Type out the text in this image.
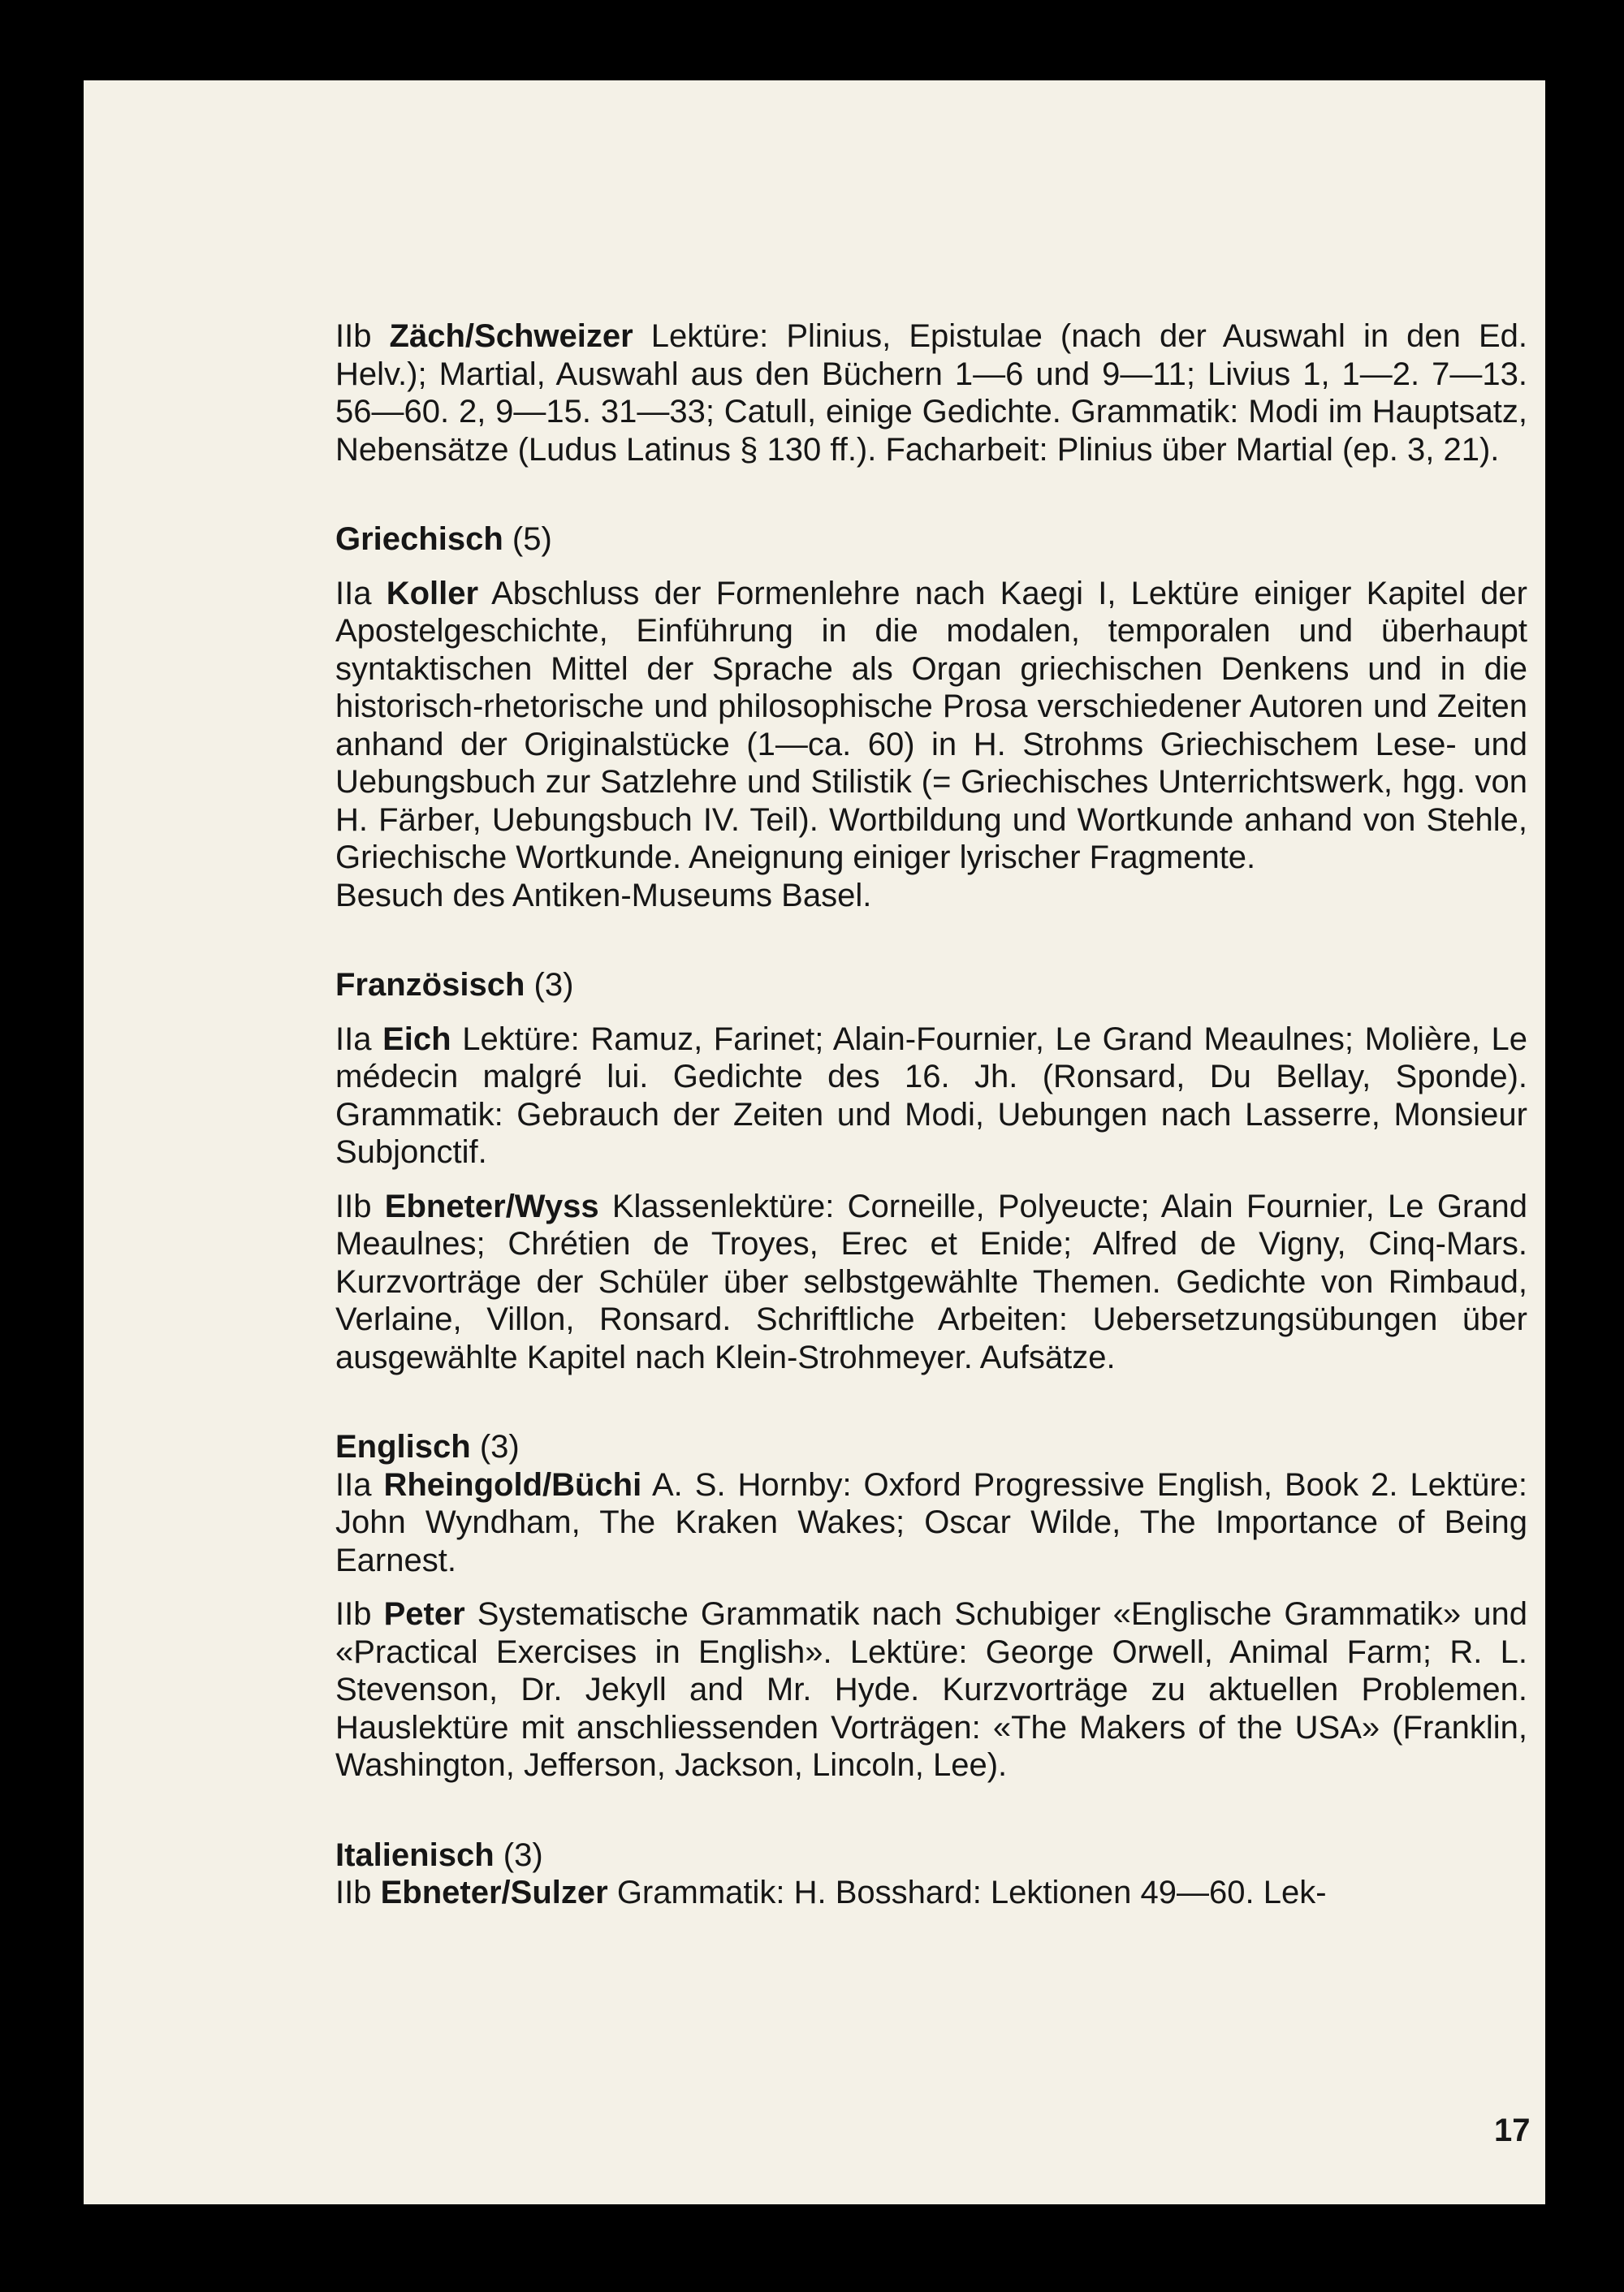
IIb Zäch/Schweizer Lektüre: Plinius, Epistulae (nach der Auswahl in den Ed. Helv.); Martial, Auswahl aus den Büchern 1—6 und 9—11; Livius 1, 1—2. 7—13. 56—60. 2, 9—15. 31—33; Catull, einige Gedichte. Grammatik: Modi im Hauptsatz, Nebensätze (Ludus Latinus § 130 ff.). Facharbeit: Plinius über Martial (ep. 3, 21).
Griechisch (5)
IIa Koller Abschluss der Formenlehre nach Kaegi I, Lektüre einiger Kapitel der Apostelgeschichte, Einführung in die modalen, temporalen und überhaupt syntaktischen Mittel der Sprache als Organ griechischen Denkens und in die historisch-rhetorische und philosophische Prosa verschiedener Autoren und Zeiten anhand der Originalstücke (1—ca. 60) in H. Strohms Griechischem Lese- und Uebungsbuch zur Satzlehre und Stilistik (= Griechisches Unterrichtswerk, hgg. von H. Färber, Uebungsbuch IV. Teil). Wortbildung und Wortkunde anhand von Stehle, Griechische Wortkunde. Aneignung einiger lyrischer Fragmente.
Besuch des Antiken-Museums Basel.
Französisch (3)
IIa Eich Lektüre: Ramuz, Farinet; Alain-Fournier, Le Grand Meaulnes; Molière, Le médecin malgré lui. Gedichte des 16. Jh. (Ronsard, Du Bellay, Sponde). Grammatik: Gebrauch der Zeiten und Modi, Uebungen nach Lasserre, Monsieur Subjonctif.
IIb Ebneter/Wyss Klassenlektüre: Corneille, Polyeucte; Alain Fournier, Le Grand Meaulnes; Chrétien de Troyes, Erec et Enide; Alfred de Vigny, Cinq-Mars. Kurzvorträge der Schüler über selbstgewählte Themen. Gedichte von Rimbaud, Verlaine, Villon, Ronsard. Schriftliche Arbeiten: Uebersetzungsübungen über ausgewählte Kapitel nach Klein-Strohmeyer. Aufsätze.
Englisch (3)
IIa Rheingold/Büchi A. S. Hornby: Oxford Progressive English, Book 2. Lektüre: John Wyndham, The Kraken Wakes; Oscar Wilde, The Importance of Being Earnest.
IIb Peter Systematische Grammatik nach Schubiger «Englische Grammatik» und «Practical Exercises in English». Lektüre: George Orwell, Animal Farm; R. L. Stevenson, Dr. Jekyll and Mr. Hyde. Kurzvorträge zu aktuellen Problemen. Hauslektüre mit anschliessenden Vorträgen: «The Makers of the USA» (Franklin, Washington, Jefferson, Jackson, Lincoln, Lee).
Italienisch (3)
IIb Ebneter/Sulzer Grammatik: H. Bosshard: Lektionen 49—60. Lek-
17
